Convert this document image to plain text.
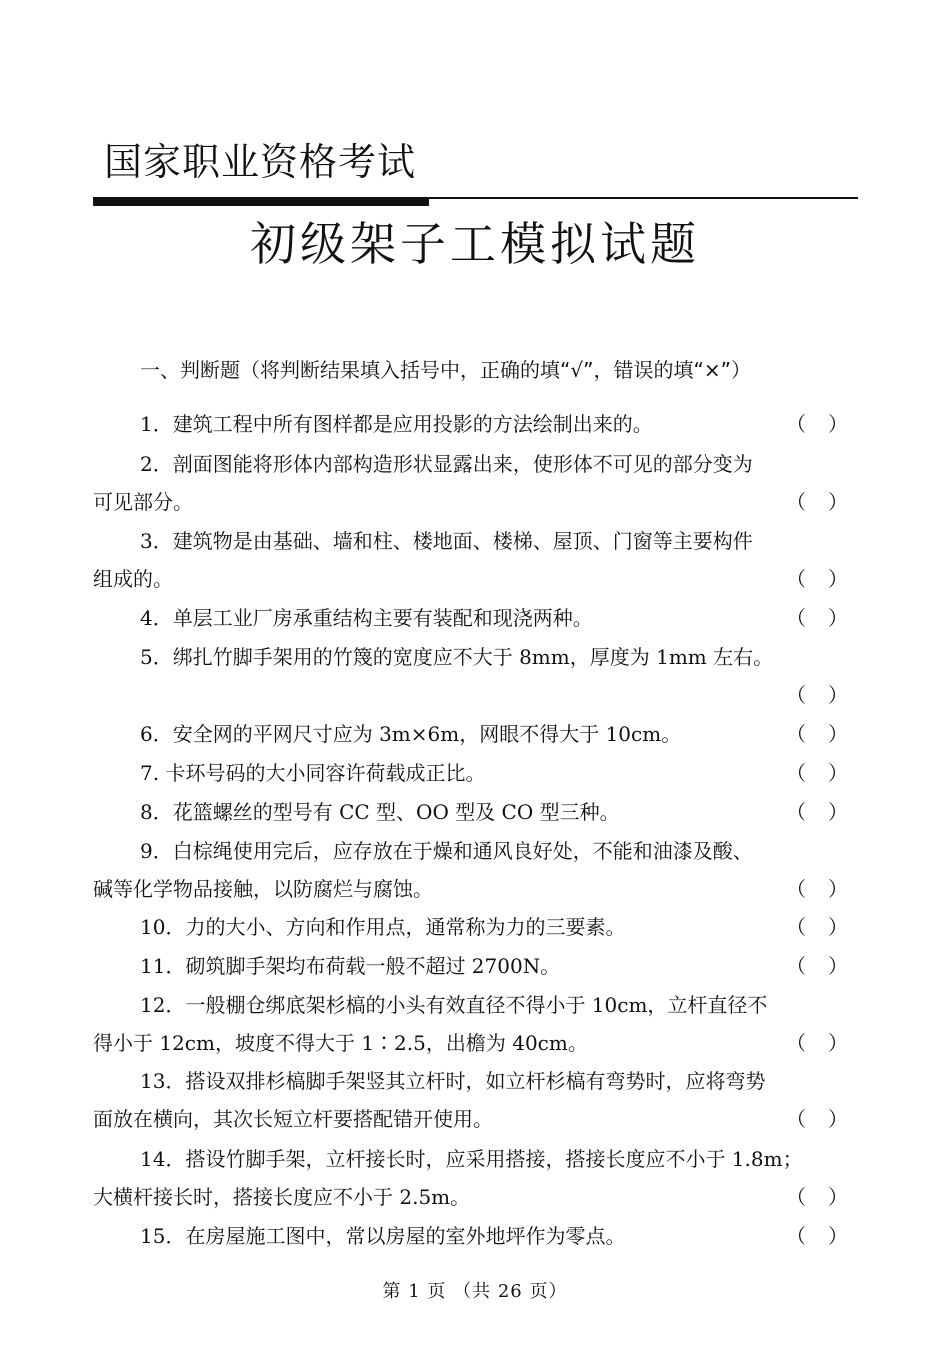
国家职业资格考试
初级架子工模拟试题
一、判断题（将判断结果填入括号中，正确的填“√”，错误的填“×”）
1．建筑工程中所有图样都是应用投影的方法绘制出来的。	（ ）
2．剖面图能将形体内部构造形状显露出来，使形体不可见的部分变为
可见部分。	（ ）
3．建筑物是由基础、墙和柱、楼地面、楼梯、屋顶、门窗等主要构件
组成的。	（ ）
4．单层工业厂房承重结构主要有装配和现浇两种。	（ ）
5．绑扎竹脚手架用的竹篾的宽度应不大于 8mm，厚度为 1mm 左右。
（ ）
6．安全网的平网尺寸应为 3m×6m，网眼不得大于 10cm。	（ ）
7. 卡环号码的大小同容许荷载成正比。	（ ）
8．花篮螺丝的型号有 CC 型、OO 型及 CO 型三种。	（ ）
9．白棕绳使用完后，应存放在于燥和通风良好处，不能和油漆及酸、
碱等化学物品接触，以防腐烂与腐蚀。	（ ）
10．力的大小、方向和作用点，通常称为力的三要素。	（ ）
11．砌筑脚手架均布荷载一般不超过 2700N。	（ ）
12．一般棚仓绑底架杉槁的小头有效直径不得小于 10cm，立杆直径不
得小于 12cm，坡度不得大于 1∶2.5，出檐为 40cm。	（ ）
13．搭设双排杉槁脚手架竖其立杆时，如立杆杉槁有弯势时，应将弯势
面放在横向，其次长短立杆要搭配错开使用。	（ ）
14．搭设竹脚手架，立杆接长时，应采用搭接，搭接长度应不小于 1.8m；
大横杆接长时，搭接长度应不小于 2.5m。	（ ）
15．在房屋施工图中，常以房屋的室外地坪作为零点。	（ ）
第 1 页 （共 26 页）
